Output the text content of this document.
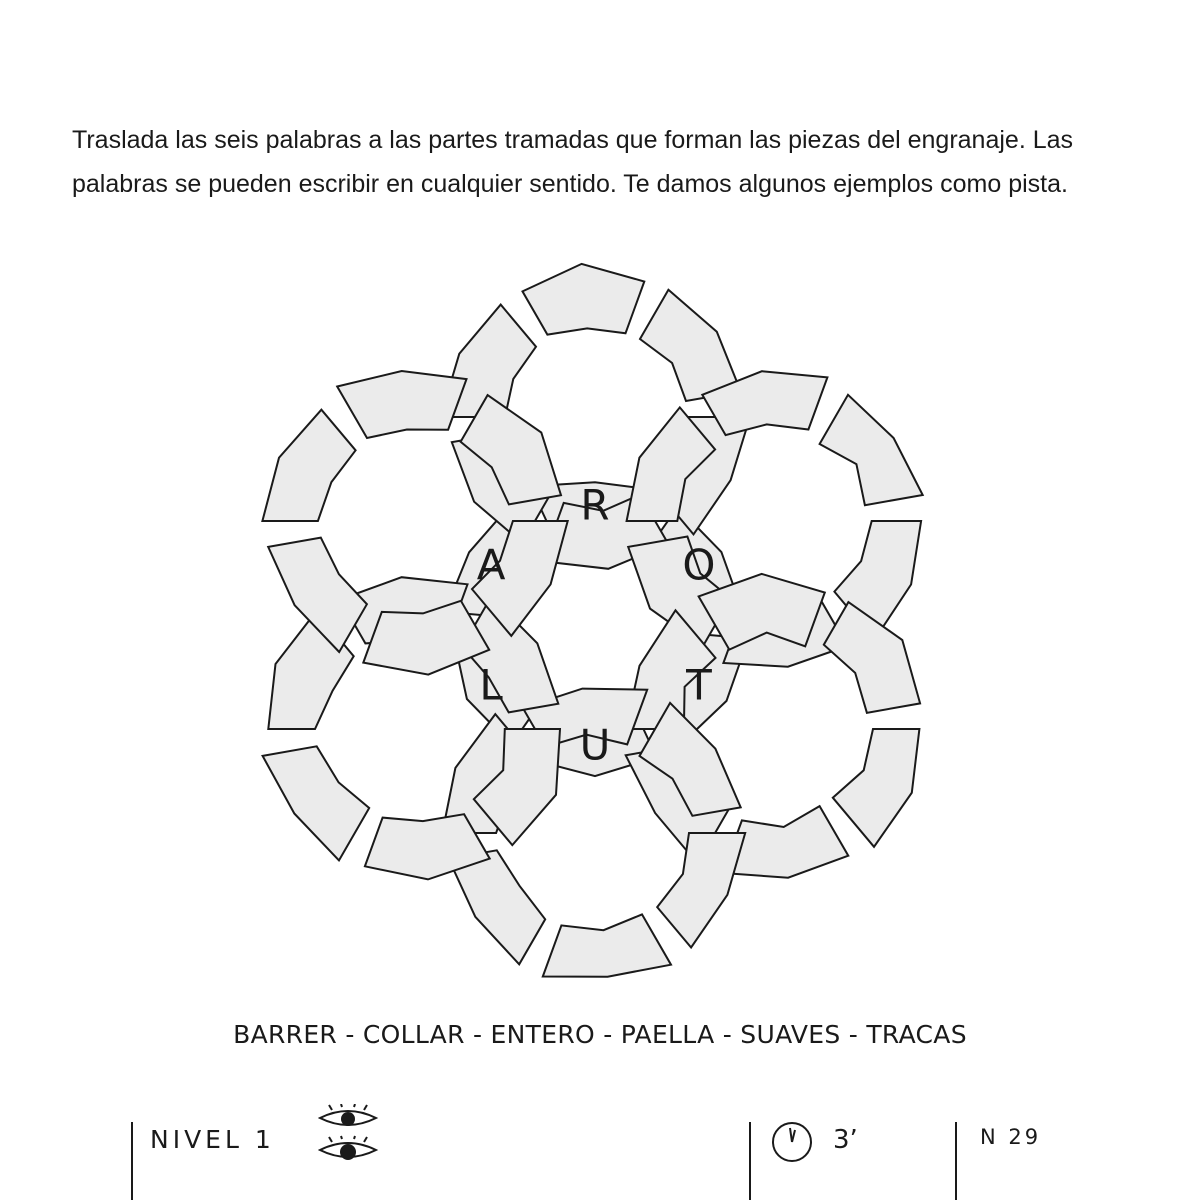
Traslada las seis palabras a las partes tramadas que forman las piezas del engranaje. Las palabras se pueden escribir en cualquier sentido. Te damos algunos ejemplos como pista.

R
O
T
U
L
A
BARRER - COLLAR - ENTERO - PAELLA - SUAVES - TRACAS
NIVEL 1	3’	N 29
